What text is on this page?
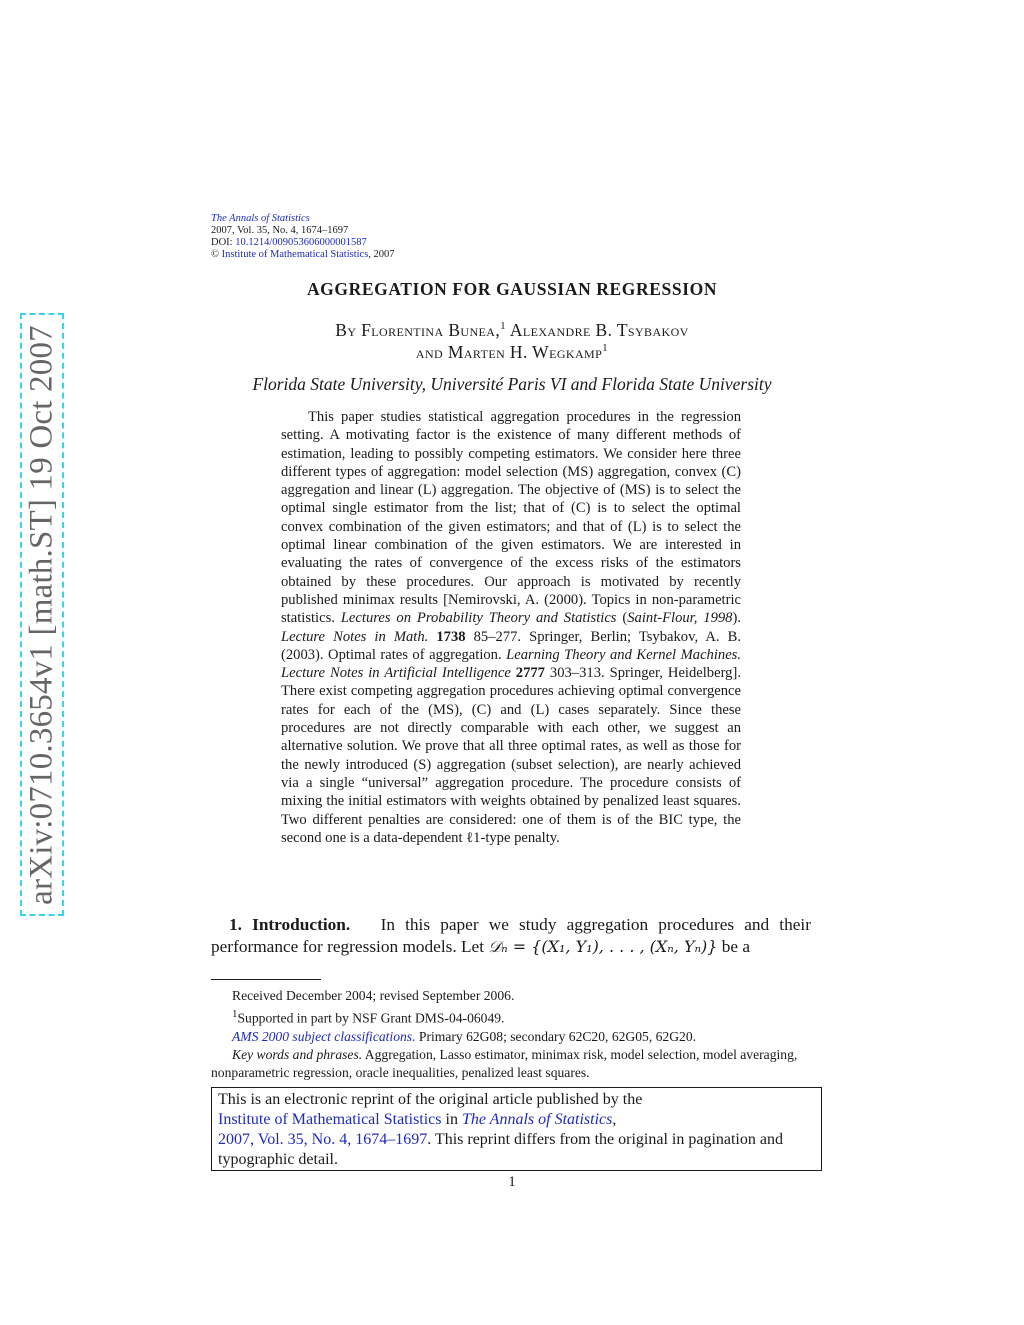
arXiv:0710.3654v1 [math.ST] 19 Oct 2007
The Annals of Statistics
2007, Vol. 35, No. 4, 1674–1697
DOI: 10.1214/009053606000001587
© Institute of Mathematical Statistics, 2007
AGGREGATION FOR GAUSSIAN REGRESSION
By Florentina Bunea,$^1$ Alexandre B. Tsybakov
and Marten H. Wegkamp$^1$
Florida State University, Université Paris VI and Florida State University

This paper studies statistical aggregation procedures in the regression setting. A motivating factor is the existence of many different methods of estimation, leading to possibly competing estimators. We consider here three different types of aggregation: model selection (MS) aggregation, convex (C) aggregation and linear (L) aggregation. The objective of (MS) is to select the optimal single estimator from the list; that of (C) is to select the optimal convex combination of the given estimators; and that of (L) is to select the optimal linear combination of the given estimators. We are interested in evaluating the rates of convergence of the excess risks of the estimators obtained by these procedures. Our approach is motivated by recently published minimax results [Nemirovski, A. (2000). Topics in non-parametric statistics. Lectures on Probability Theory and Statistics (Saint-Flour, 1998). Lecture Notes in Math. 1738 85–277. Springer, Berlin; Tsybakov, A. B. (2003). Optimal rates of aggregation. Learning Theory and Kernel Machines. Lecture Notes in Artificial Intelligence 2777 303–313. Springer, Heidelberg]. There exist competing aggregation procedures achieving optimal convergence rates for each of the (MS), (C) and (L) cases separately. Since these procedures are not directly comparable with each other, we suggest an alternative solution. We prove that all three optimal rates, as well as those for the newly introduced (S) aggregation (subset selection), are nearly achieved via a single “universal” aggregation procedure. The procedure consists of mixing the initial estimators with weights obtained by penalized least squares. Two different penalties are considered: one of them is of the BIC type, the second one is a data-dependent ℓ1-type penalty.

1. Introduction. In this paper we study aggregation procedures and their performance for regression models. Let 𝒟ₙ = {(X₁, Y₁), . . . , (Xₙ, Yₙ)} be a

Received December 2004; revised September 2006.
$^1$Supported in part by NSF Grant DMS-04-06049.
AMS 2000 subject classifications. Primary 62G08; secondary 62C20, 62G05, 62G20.
Key words and phrases. Aggregation, Lasso estimator, minimax risk, model selection, model averaging, nonparametric regression, oracle inequalities, penalized least squares.
This is an electronic reprint of the original article published by the
Institute of Mathematical Statistics in The Annals of Statistics,
2007, Vol. 35, No. 4, 1674–1697. This reprint differs from the original in pagination and typographic detail.
1
